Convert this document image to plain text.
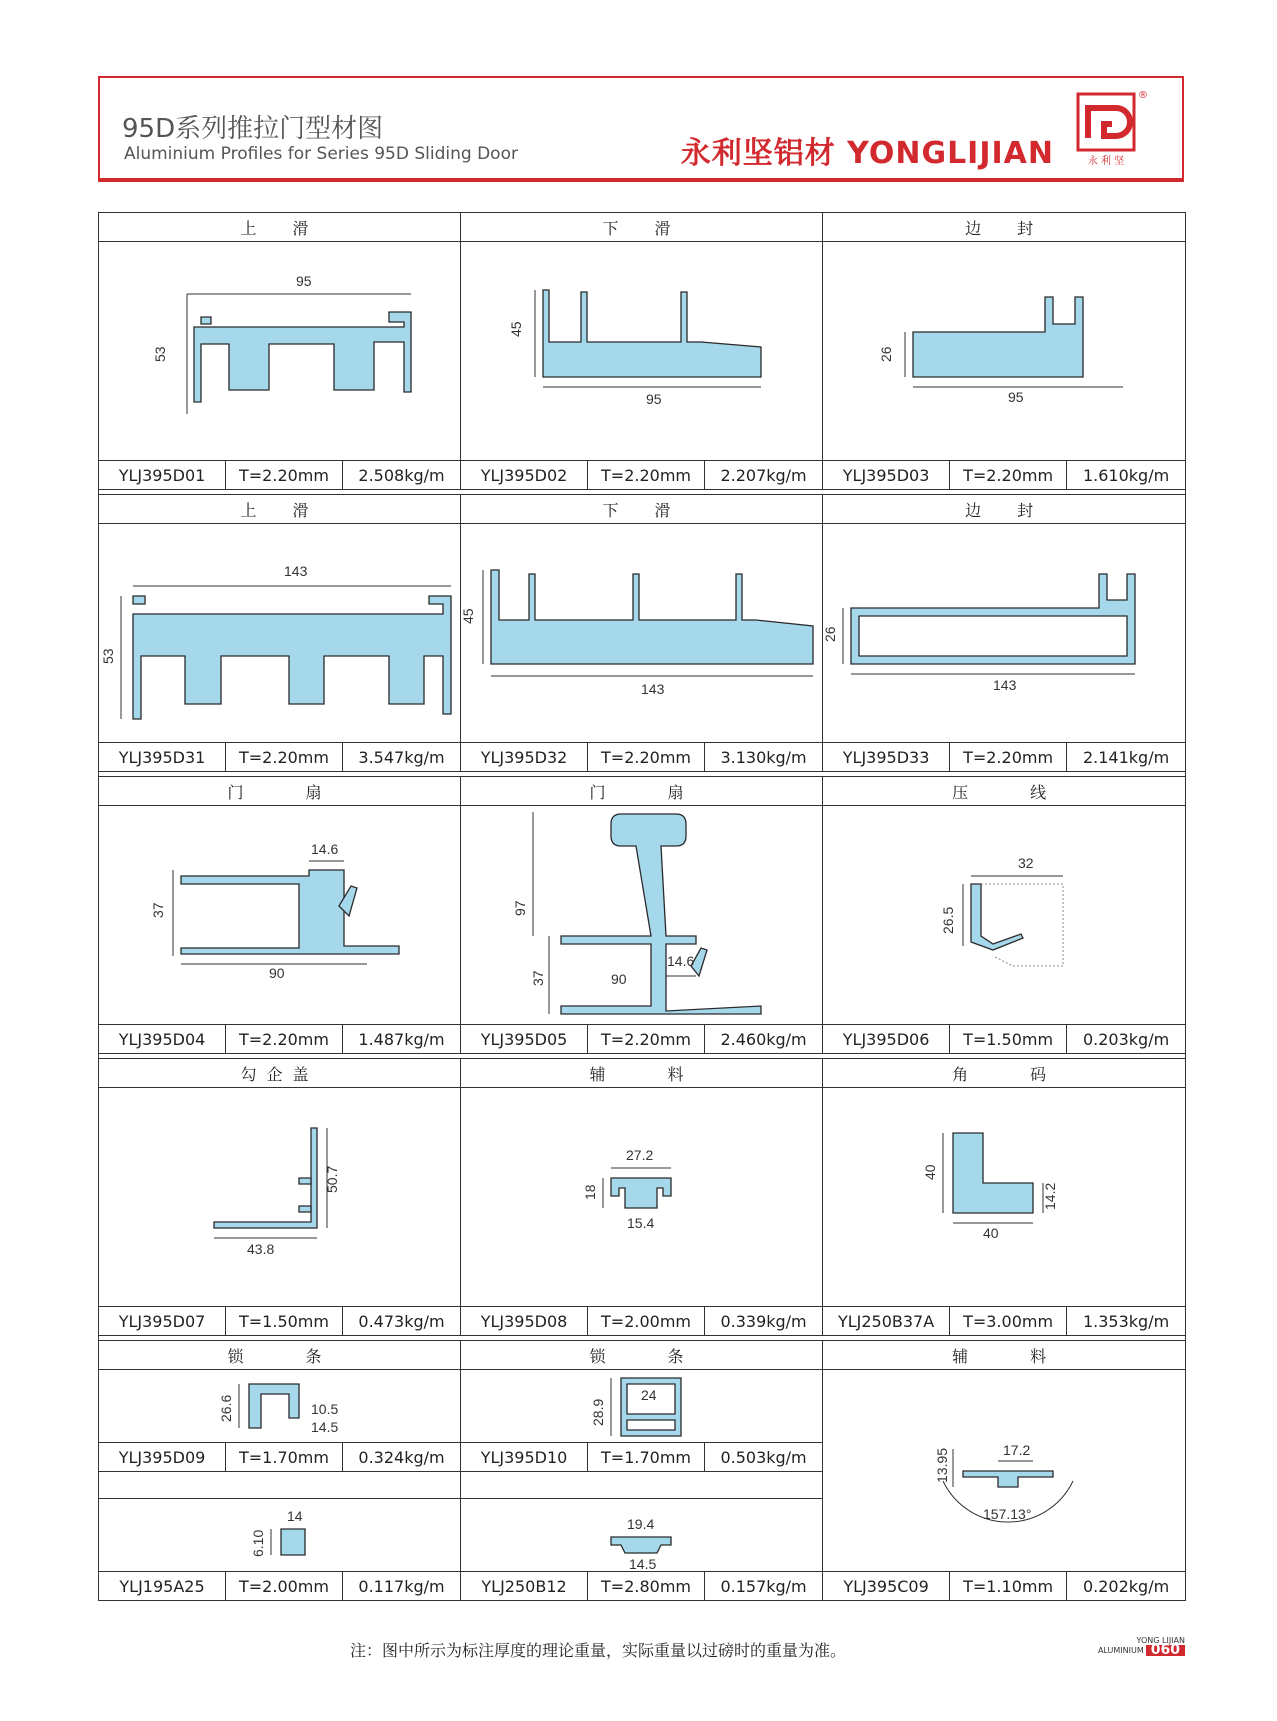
95D系列推拉门型材图
Aluminium Profiles for Series 95D Sliding Door	永利坚铝材 YONGLIJIAN	永 利 坚
®
上　滑			下　滑			边　封		

95
53			45
95			26
95		

YLJ395D01	T=2.20mm	2.508kg/m	YLJ395D02	T=2.20mm	2.207kg/m	YLJ395D03	T=2.20mm	1.610kg/m

上　滑			下　滑			边　封		

143
53			45
143			26
143		

YLJ395D31	T=2.20mm	3.547kg/m	YLJ395D32	T=2.20mm	3.130kg/m	YLJ395D33	T=2.20mm	2.141kg/m

门　　扇			门　　扇			压　　线		

14.6
37
90			97
37 90
14.6			32
26.5		

YLJ395D04	T=2.20mm	1.487kg/m	YLJ395D05	T=2.20mm	2.460kg/m	YLJ395D06	T=1.50mm	0.203kg/m

勾企盖			辅　　料			角　　码		

50.7
43.8			27.2
18
15.4			40
40
14.2		

YLJ395D07	T=1.50mm	0.473kg/m	YLJ395D08	T=2.00mm	0.339kg/m	YLJ250B37A	T=3.00mm	1.353kg/m

锁　　条			锁　　条			辅　　料		

26.6 10.5
14.5			28.9
24			13.95 17.2
157.13°		

YLJ395D09	T=1.70mm	0.324kg/m	YLJ395D10	T=1.70mm	0.503kg/m			

6.10
14			19.4
14.5					

YLJ195A25	T=2.00mm	0.117kg/m	YLJ250B12	T=2.80mm	0.157kg/m	YLJ395C09	T=1.10mm	0.202kg/m
注：图中所示为标注厚度的理论重量，实际重量以过磅时的重量为准。
YONG LIJIAN
ALUMINIUM 060
